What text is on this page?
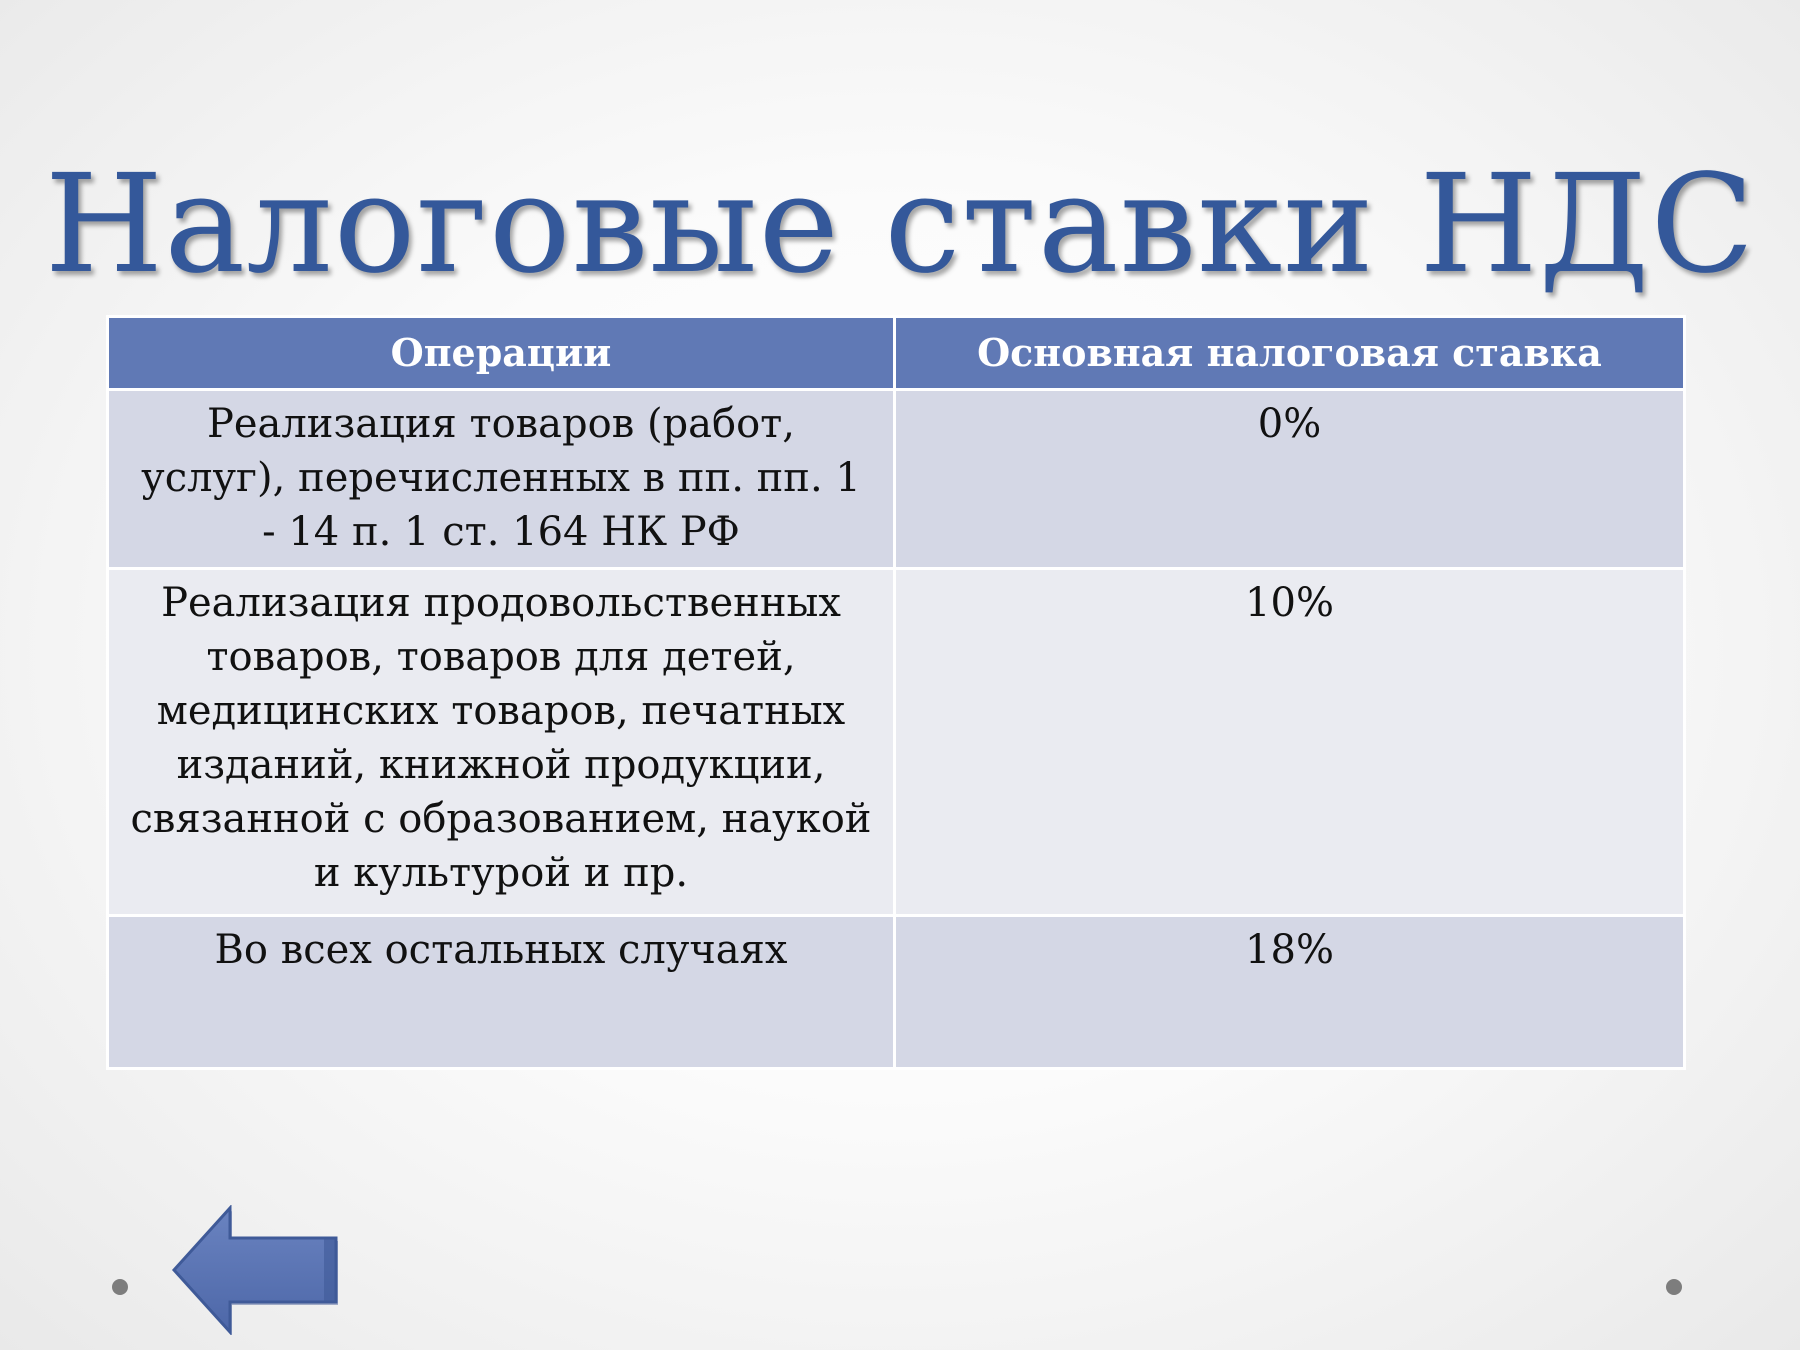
Налоговые ставки НДС
Операции	Основная налоговая ставка
Реализация товаров (работ, услуг), перечисленных в пп. пп. 1 - 14 п. 1 ст. 164 НК РФ	0%
Реализация продовольственных товаров, товаров для детей, медицинских товаров, печатных изданий, книжной продукции, связанной с образованием, наукой и культурой и пр.	10%
Во всех остальных случаях	18%
